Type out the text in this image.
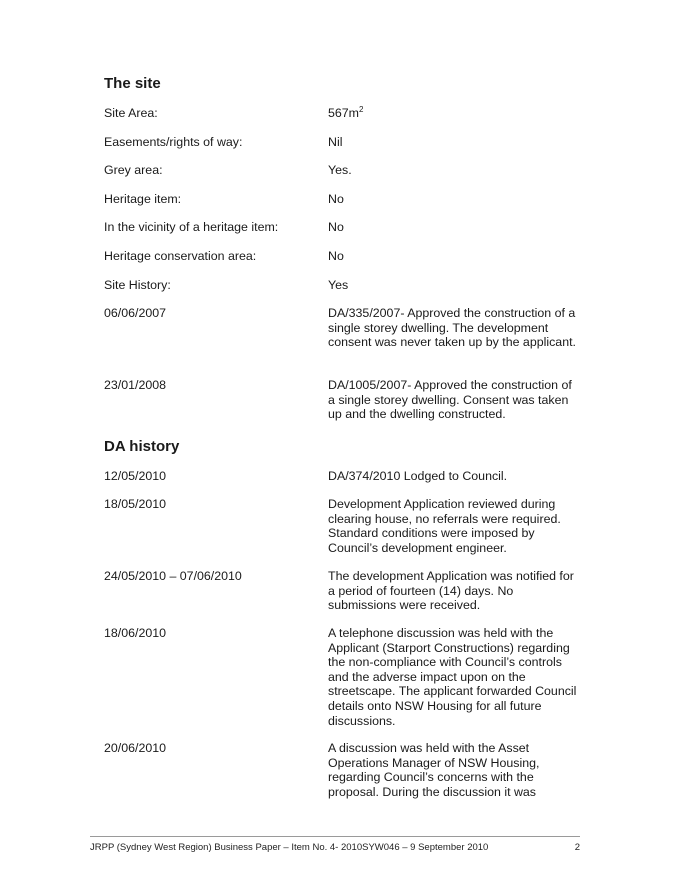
The site
Site Area:	$567m^2$
Easements/rights of way:	Nil
Grey area:	Yes.
Heritage item:	No
In the vicinity of a heritage item:	No
Heritage conservation area:	No
Site History:	Yes
06/06/2007	DA/335/2007- Approved the construction of a single storey dwelling. The development consent was never taken up by the applicant.
23/01/2008	DA/1005/2007- Approved the construction of a single storey dwelling. Consent was taken up and the dwelling constructed.
DA history
12/05/2010	DA/374/2010 Lodged to Council.
18/05/2010	Development Application reviewed during clearing house, no referrals were required. Standard conditions were imposed by Council’s development engineer.
24/05/2010 – 07/06/2010	The development Application was notified for a period of fourteen (14) days. No submissions were received.
18/06/2010	A telephone discussion was held with the Applicant (Starport Constructions) regarding the non-compliance with Council’s controls and the adverse impact upon on the streetscape. The applicant forwarded Council details onto NSW Housing for all future discussions.
20/06/2010	A discussion was held with the Asset Operations Manager of NSW Housing, regarding Council’s concerns with the proposal. During the discussion it was
JRPP (Sydney West Region) Business Paper – Item No. 4- 2010SYW046 – 9 September 2010	2
